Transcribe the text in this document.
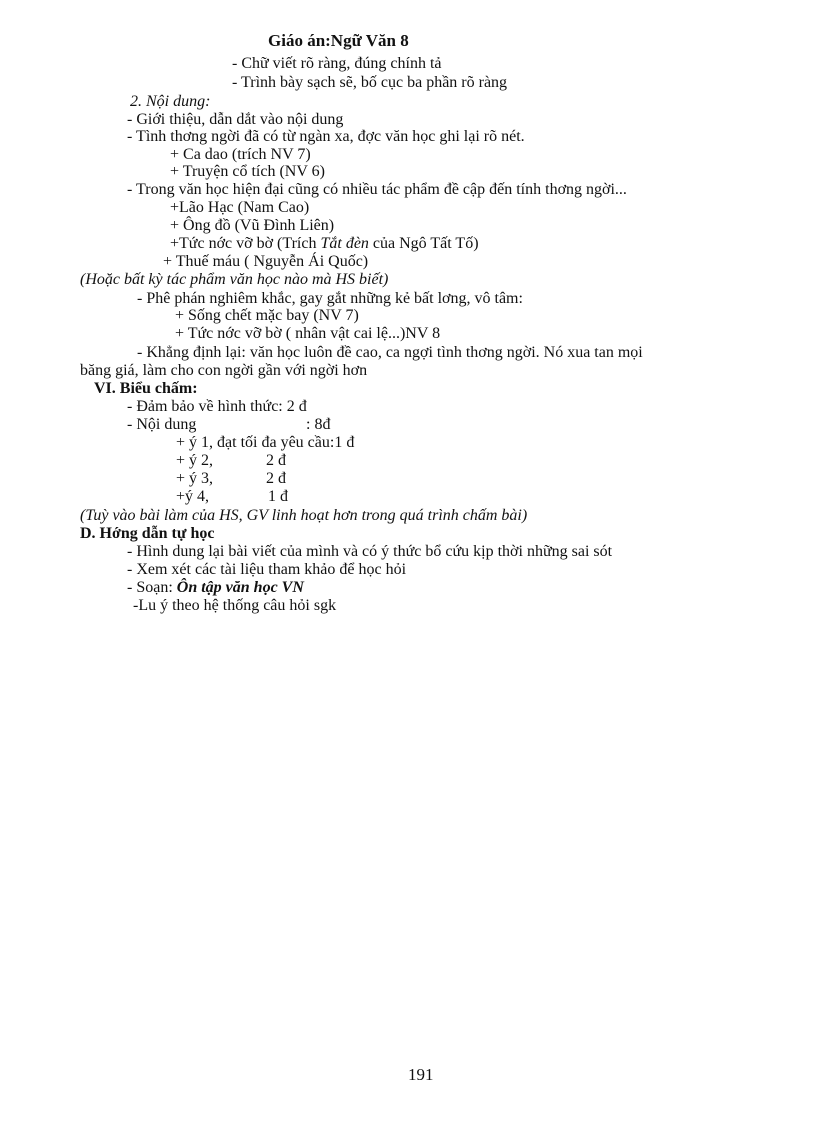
Giáo án:Ngữ Văn 8
- Chữ viết rõ ràng, đúng chính tả
- Trình bày sạch sẽ, bố cục ba phần rõ ràng
2. Nội dung:
- Giới thiệu, dẫn dắt vào nội dung
- Tình thơng ngời đã có từ ngàn xa, đợc văn học ghi lại rõ nét.
+ Ca dao (trích NV 7)
+ Truyện cổ tích (NV 6)
- Trong văn học hiện đại cũng có nhiều tác phẩm đề cập đến tính thơng ngời...
+Lão Hạc (Nam Cao)
+ Ông đồ (Vũ Đình Liên)
+Tức nớc vỡ bờ (Trích Tắt đèn của Ngô Tất Tố)
+ Thuế máu ( Nguyễn Ái Quốc)
(Hoặc bất kỳ tác phẩm văn học nào mà HS biết)
- Phê phán nghiêm khắc, gay gắt những kẻ bất lơng, vô tâm:
+ Sống chết mặc bay (NV 7)
+ Tức nớc vỡ bờ ( nhân vật cai lệ...)NV 8
- Khẳng định lại: văn học luôn đề cao, ca ngợi tình thơng ngời. Nó xua tan mọi
băng giá, làm cho con ngời gần với ngời hơn
VI. Biểu chấm:
- Đảm bảo về hình thức: 2 đ
- Nội dung	: 8đ
+ ý 1, đạt tối đa yêu cầu:1 đ
+ ý 2,	2 đ
+ ý 3,	2 đ
+ý 4,	1 đ
(Tuỳ vào bài làm của HS, GV linh hoạt hơn trong quá trình chấm bài)
D. Hớng dẫn tự học
- Hình dung lại bài viết của mình và có ý thức bổ cứu kịp thời những sai sót
- Xem xét các tài liệu tham khảo để học hỏi
- Soạn: Ôn tập văn học VN
-Lu ý theo hệ thống câu hỏi sgk
191
